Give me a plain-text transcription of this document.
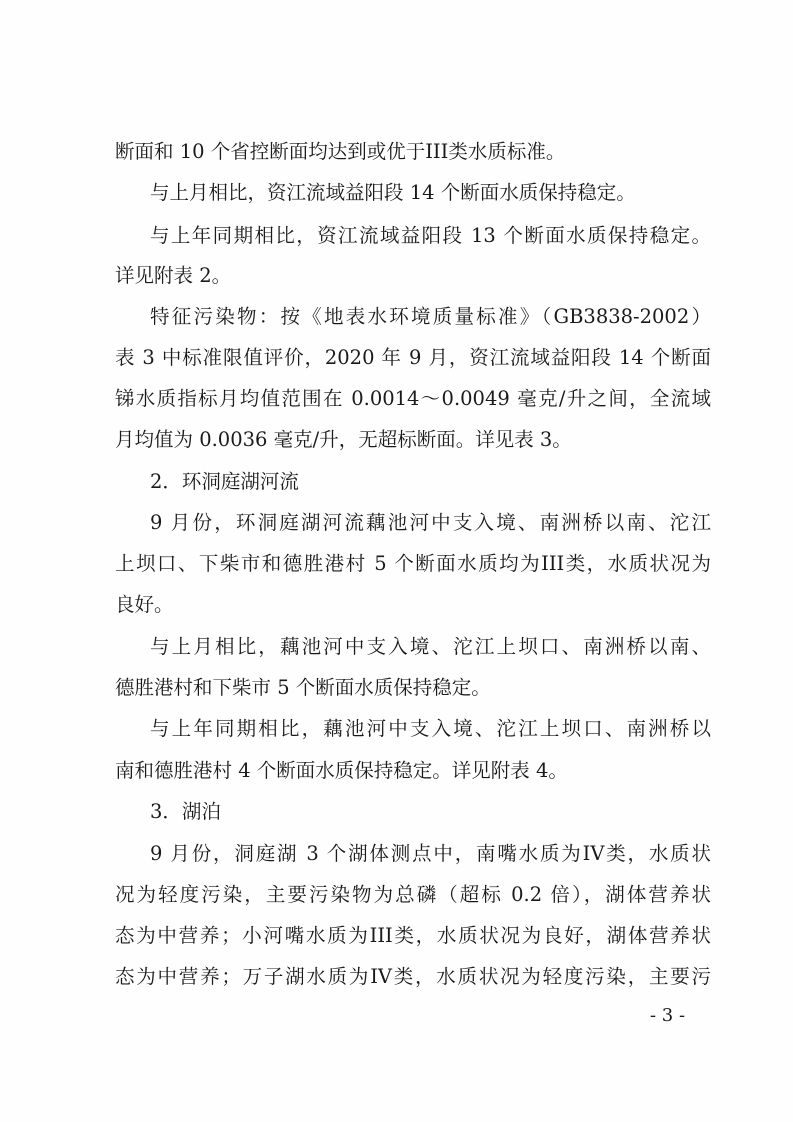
断面和 10 个省控断面均达到或优于III类水质标准。
与上月相比，资江流域益阳段 14 个断面水质保持稳定。
与上年同期相比，资江流域益阳段 13 个断面水质保持稳定。
详见附表 2。
特征污染物：按《地表水环境质量标准》（GB3838-2002）
表 3 中标准限值评价，2020 年 9 月，资江流域益阳段 14 个断面
锑水质指标月均值范围在 0.0014～0.0049 毫克/升之间，全流域
月均值为 0.0036 毫克/升，无超标断面。详见表 3。
2．环洞庭湖河流
9 月份，环洞庭湖河流藕池河中支入境、南洲桥以南、沱江
上坝口、下柴市和德胜港村 5 个断面水质均为III类，水质状况为
良好。
与上月相比，藕池河中支入境、沱江上坝口、南洲桥以南、
德胜港村和下柴市 5 个断面水质保持稳定。
与上年同期相比，藕池河中支入境、沱江上坝口、南洲桥以
南和德胜港村 4 个断面水质保持稳定。详见附表 4。
3．湖泊
9 月份，洞庭湖 3 个湖体测点中，南嘴水质为IV类，水质状
况为轻度污染，主要污染物为总磷（超标 0.2 倍），湖体营养状
态为中营养；小河嘴水质为III类，水质状况为良好，湖体营养状
态为中营养；万子湖水质为IV类，水质状况为轻度污染，主要污
- 3 -
